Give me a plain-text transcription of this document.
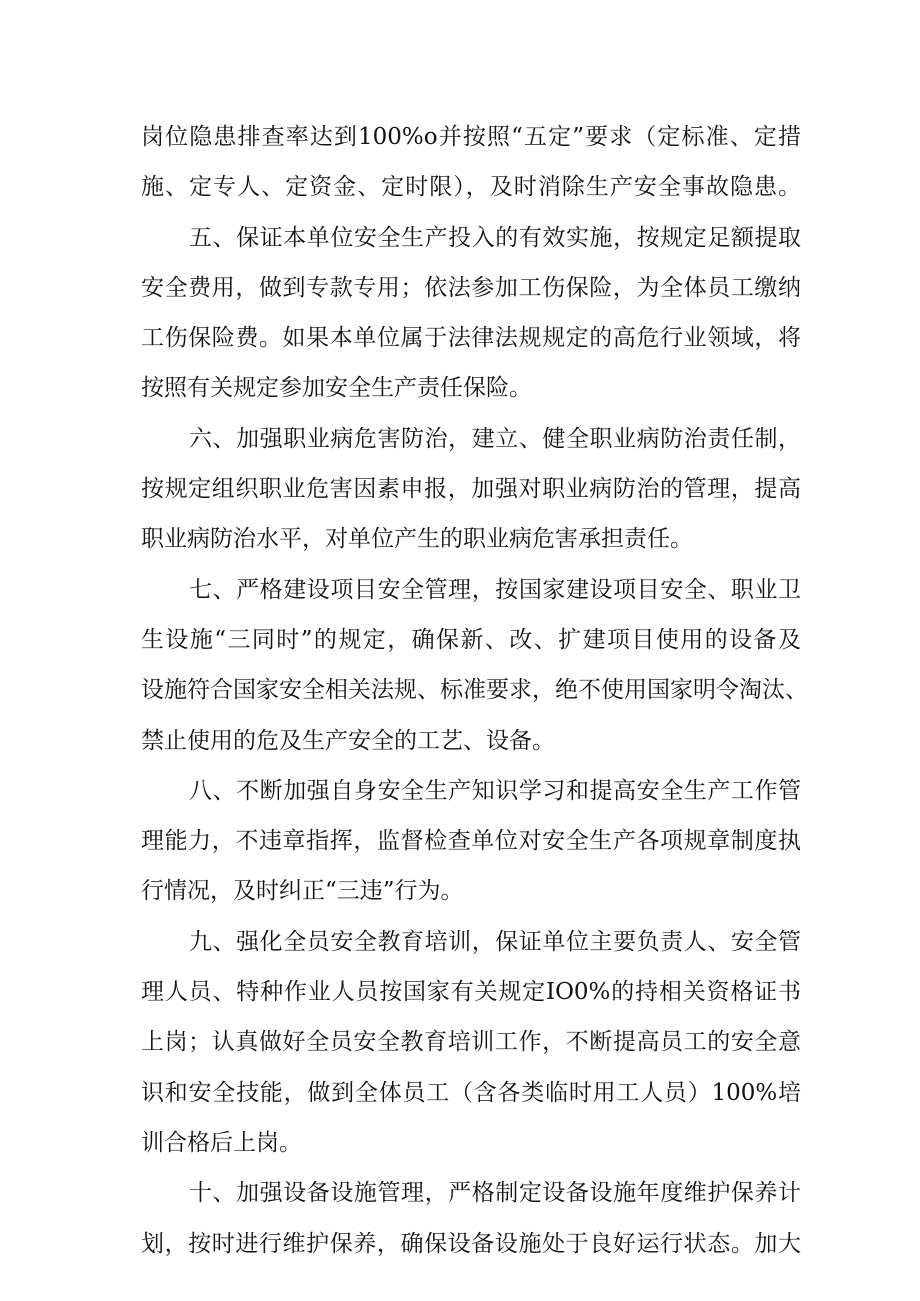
岗位隐患排查率达到100%o并按照“五定”要求（定标准、定措
施、定专人、定资金、定时限），及时消除生产安全事故隐患。
五、保证本单位安全生产投入的有效实施，按规定足额提取
安全费用，做到专款专用；依法参加工伤保险，为全体员工缴纳
工伤保险费。如果本单位属于法律法规规定的高危行业领域，将
按照有关规定参加安全生产责任保险。
六、加强职业病危害防治，建立、健全职业病防治责任制，
按规定组织职业危害因素申报，加强对职业病防治的管理，提高
职业病防治水平，对单位产生的职业病危害承担责任。
七、严格建设项目安全管理，按国家建设项目安全、职业卫
生设施“三同时”的规定，确保新、改、扩建项目使用的设备及
设施符合国家安全相关法规、标准要求，绝不使用国家明令淘汰、
禁止使用的危及生产安全的工艺、设备。
八、不断加强自身安全生产知识学习和提高安全生产工作管
理能力，不违章指挥，监督检查单位对安全生产各项规章制度执
行情况，及时纠正“三违”行为。
九、强化全员安全教育培训，保证单位主要负责人、安全管
理人员、特种作业人员按国家有关规定IO0%的持相关资格证书
上岗；认真做好全员安全教育培训工作，不断提高员工的安全意
识和安全技能，做到全体员工（含各类临时用工人员）100%培
训合格后上岗。
十、加强设备设施管理，严格制定设备设施年度维护保养计
划，按时进行维护保养，确保设备设施处于良好运行状态。加大
